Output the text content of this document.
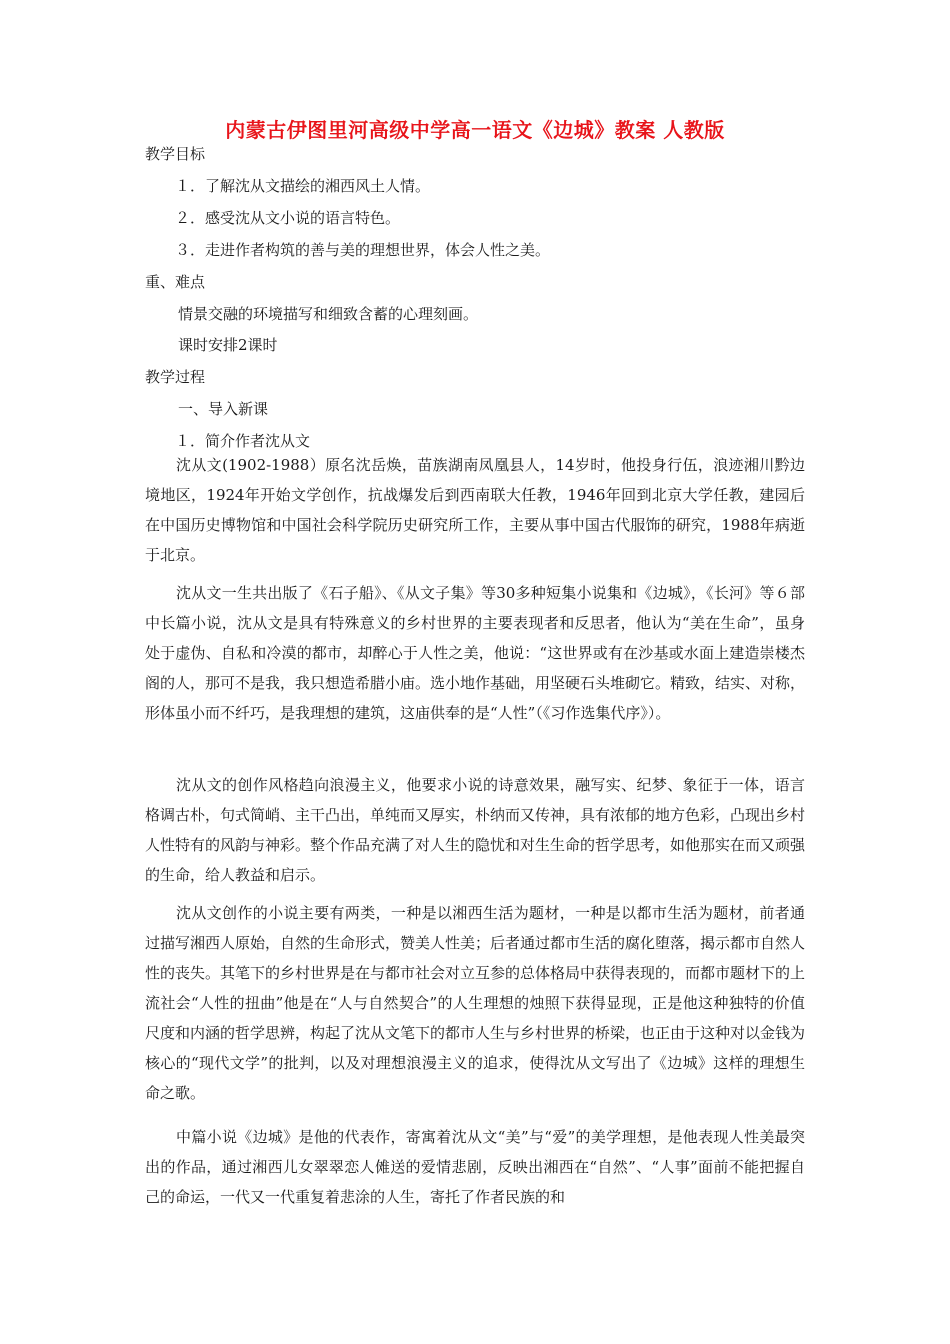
内蒙古伊图里河高级中学高一语文《边城》教案 人教版
教学目标
１．了解沈从文描绘的湘西风土人情。
２．感受沈从文小说的语言特色。
３．走进作者构筑的善与美的理想世界，体会人性之美。
重、难点
情景交融的环境描写和细致含蓄的心理刻画。
课时安排2课时
教学过程
一、导入新课
１．简介作者沈从文

沈从文(1902-1988）原名沈岳焕，苗族湖南凤凰县人，14岁时，他投身行伍，浪迹湘川黔边境地区，1924年开始文学创作，抗战爆发后到西南联大任教，1946年回到北京大学任教，建园后在中国历史博物馆和中国社会科学院历史研究所工作，主要从事中国古代服饰的研究，1988年病逝于北京。

沈从文一生共出版了《石子船》、《从文子集》等30多种短集小说集和《边城》，《长河》等６部中长篇小说，沈从文是具有特殊意义的乡村世界的主要表现者和反思者，他认为“美在生命”，虽身处于虚伪、自私和冷漠的都市，却醉心于人性之美，他说：“这世界或有在沙基或水面上建造崇楼杰阁的人，那可不是我，我只想造希腊小庙。选小地作基础，用坚硬石头堆砌它。精致，结实、对称，形体虽小而不纤巧，是我理想的建筑，这庙供奉的是“人性”（《习作选集代序》）。

沈从文的创作风格趋向浪漫主义，他要求小说的诗意效果，融写实、纪梦、象征于一体，语言格调古朴，句式简峭、主干凸出，单纯而又厚实，朴纳而又传神，具有浓郁的地方色彩，凸现出乡村人性特有的风韵与神彩。整个作品充满了对人生的隐忧和对生生命的哲学思考，如他那实在而又顽强的生命，给人教益和启示。

沈从文创作的小说主要有两类，一种是以湘西生活为题材，一种是以都市生活为题材，前者通过描写湘西人原始，自然的生命形式，赞美人性美；后者通过都市生活的腐化堕落，揭示都市自然人性的丧失。其笔下的乡村世界是在与都市社会对立互参的总体格局中获得表现的，而都市题材下的上流社会“人性的扭曲”他是在“人与自然契合”的人生理想的烛照下获得显现，正是他这种独特的价值尺度和内涵的哲学思辨，构起了沈从文笔下的都市人生与乡村世界的桥梁，也正由于这种对以金钱为核心的“现代文学”的批判，以及对理想浪漫主义的追求，使得沈从文写出了《边城》这样的理想生命之歌。

中篇小说《边城》是他的代表作，寄寓着沈从文“美”与“爱”的美学理想，是他表现人性美最突出的作品，通过湘西儿女翠翠恋人傩送的爱情悲剧，反映出湘西在“自然”、“人事”面前不能把握自己的命运，一代又一代重复着悲涂的人生，寄托了作者民族的和
